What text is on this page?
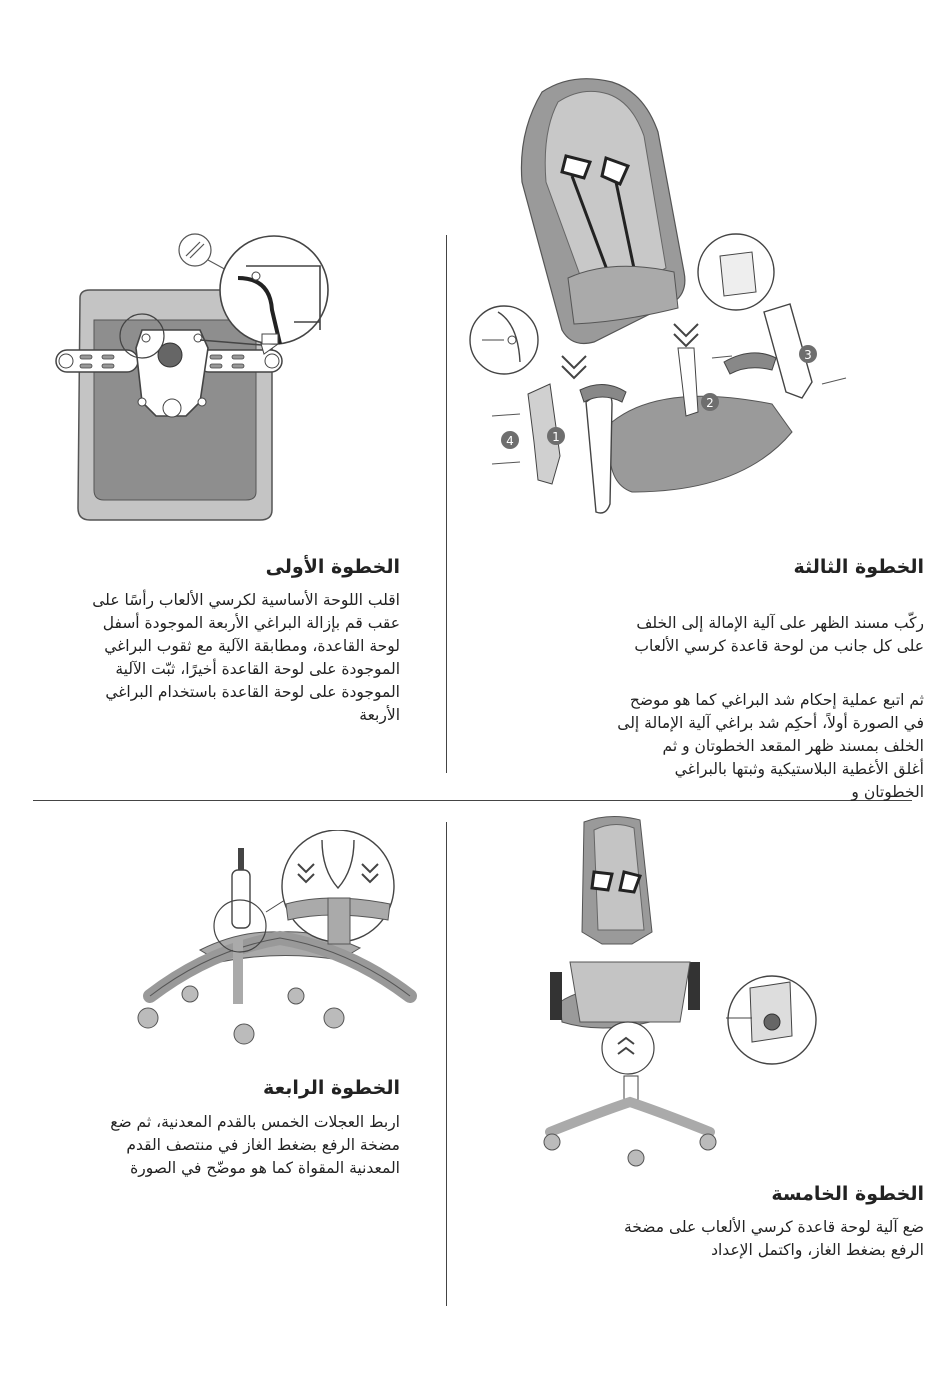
1
2
3
4
الخطوة الأولى
اقلب اللوحة الأساسية لكرسي الألعاب رأسًا على
عقب قم بإزالة البراغي الأربعة الموجودة أسفل
لوحة القاعدة، ومطابقة الآلية مع ثقوب البراغي
الموجودة على لوحة القاعدة أخيرًا، ثبّت الآلية
الموجودة على لوحة القاعدة باستخدام البراغي
الأربعة
الخطوة الثالثة

ركّب مسند الظهر على آلية الإمالة إلى الخلف
على كل جانب من لوحة قاعدة كرسي الألعاب

ثم اتبع عملية إحكام شد البراغي كما هو موضح
في الصورة أولاً، أحكِم شد براغي آلية الإمالة إلى
الخلف بمسند ظهر المقعد الخطوتان و ثم
أغلق الأغطية البلاستيكية وثبتها بالبراغي
الخطوتان و

الخطوة الرابعة
اربط العجلات الخمس بالقدم المعدنية، ثم ضع
مضخة الرفع بضغط الغاز في منتصف القدم
المعدنية المقواة كما هو موضّح في الصورة
الخطوة الخامسة
ضع آلية لوحة قاعدة كرسي الألعاب على مضخة
الرفع بضغط الغاز، واكتمل الإعداد
